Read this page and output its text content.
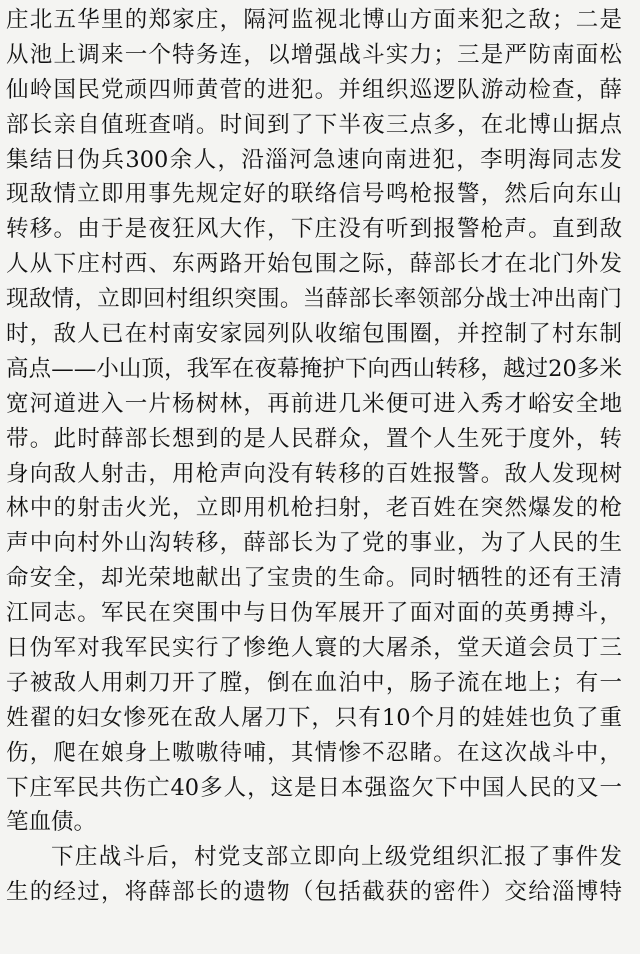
庄北五华里的郑家庄，隔河监视北博山方面来犯之敌；二是
从池上调来一个特务连，以增强战斗实力；三是严防南面松
仙岭国民党顽四师黄菅的进犯。并组织巡逻队游动检查，薛
部长亲自值班查哨。时间到了下半夜三点多，在北博山据点
集结日伪兵300余人，沿淄河急速向南进犯，李明海同志发
现敌情立即用事先规定好的联络信号鸣枪报警，然后向东山
转移。由于是夜狂风大作，下庄没有听到报警枪声。直到敌
人从下庄村西、东两路开始包围之际，薛部长才在北门外发
现敌情，立即回村组织突围。当薛部长率领部分战士冲出南门
时，敌人已在村南安家园列队收缩包围圈，并控制了村东制
高点——小山顶，我军在夜幕掩护下向西山转移，越过20多米
宽河道进入一片杨树林，再前进几米便可进入秀才峪安全地
带。此时薛部长想到的是人民群众，置个人生死于度外，转
身向敌人射击，用枪声向没有转移的百姓报警。敌人发现树
林中的射击火光，立即用机枪扫射，老百姓在突然爆发的枪
声中向村外山沟转移，薛部长为了党的事业，为了人民的生
命安全，却光荣地献出了宝贵的生命。同时牺牲的还有王清
江同志。军民在突围中与日伪军展开了面对面的英勇搏斗，
日伪军对我军民实行了惨绝人寰的大屠杀，堂天道会员丁三
子被敌人用刺刀开了膛，倒在血泊中，肠子流在地上；有一
姓翟的妇女惨死在敌人屠刀下，只有10个月的娃娃也负了重
伤，爬在娘身上嗷嗷待哺，其情惨不忍睹。在这次战斗中，
下庄军民共伤亡40多人，这是日本强盗欠下中国人民的又一
笔血债。
下庄战斗后，村党支部立即向上级党组织汇报了事件发
生的经过，将薛部长的遗物（包括截获的密件）交给淄博特
